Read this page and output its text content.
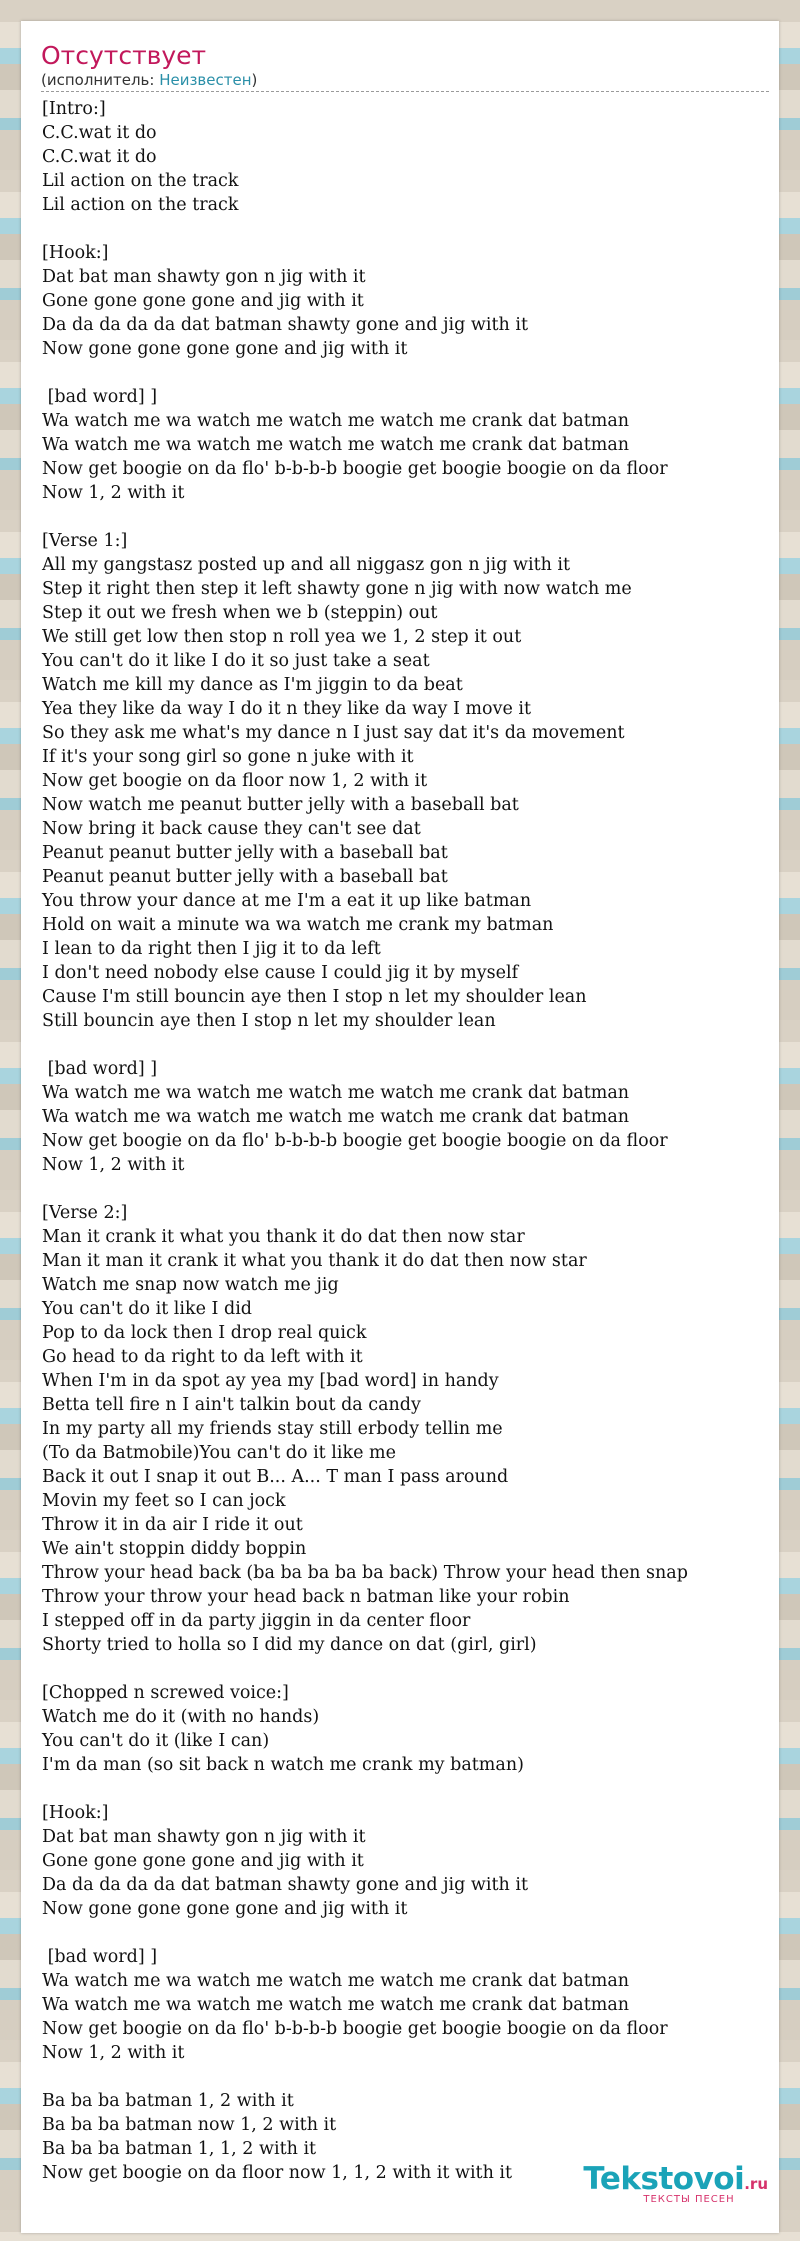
Отсутствует
(исполнитель: Неизвестен)
[Intro:]
C.C.wat it do
C.C.wat it do
Lil action on the track
Lil action on the track
[Hook:]
Dat bat man shawty gon n jig with it
Gone gone gone gone and jig with it
Da da da da da dat batman shawty gone and jig with it
Now gone gone gone gone and jig with it
[bad word] ]
Wa watch me wa watch me watch me watch me crank dat batman
Wa watch me wa watch me watch me watch me crank dat batman
Now get boogie on da flo' b-b-b-b boogie get boogie boogie on da floor
Now 1, 2 with it
[Verse 1:]
All my gangstasz posted up and all niggasz gon n jig with it
Step it right then step it left shawty gone n jig with now watch me
Step it out we fresh when we b (steppin) out
We still get low then stop n roll yea we 1, 2 step it out
You can't do it like I do it so just take a seat
Watch me kill my dance as I'm jiggin to da beat
Yea they like da way I do it n they like da way I move it
So they ask me what's my dance n I just say dat it's da movement
If it's your song girl so gone n juke with it
Now get boogie on da floor now 1, 2 with it
Now watch me peanut butter jelly with a baseball bat
Now bring it back cause they can't see dat
Peanut peanut butter jelly with a baseball bat
Peanut peanut butter jelly with a baseball bat
You throw your dance at me I'm a eat it up like batman
Hold on wait a minute wa wa watch me crank my batman
I lean to da right then I jig it to da left
I don't need nobody else cause I could jig it by myself
Cause I'm still bouncin aye then I stop n let my shoulder lean
Still bouncin aye then I stop n let my shoulder lean
[bad word] ]
Wa watch me wa watch me watch me watch me crank dat batman
Wa watch me wa watch me watch me watch me crank dat batman
Now get boogie on da flo' b-b-b-b boogie get boogie boogie on da floor
Now 1, 2 with it
[Verse 2:]
Man it crank it what you thank it do dat then now star
Man it man it crank it what you thank it do dat then now star
Watch me snap now watch me jig
You can't do it like I did
Pop to da lock then I drop real quick
Go head to da right to da left with it
When I'm in da spot ay yea my [bad word] in handy
Betta tell fire n I ain't talkin bout da candy
In my party all my friends stay still erbody tellin me
(To da Batmobile)You can't do it like me
Back it out I snap it out B... A... T man I pass around
Movin my feet so I can jock
Throw it in da air I ride it out
We ain't stoppin diddy boppin
Throw your head back (ba ba ba ba ba back) Throw your head then snap
Throw your throw your head back n batman like your robin
I stepped off in da party jiggin in da center floor
Shorty tried to holla so I did my dance on dat (girl, girl)
[Chopped n screwed voice:]
Watch me do it (with no hands)
You can't do it (like I can)
I'm da man (so sit back n watch me crank my batman)
[Hook:]
Dat bat man shawty gon n jig with it
Gone gone gone gone and jig with it
Da da da da da dat batman shawty gone and jig with it
Now gone gone gone gone and jig with it
[bad word] ]
Wa watch me wa watch me watch me watch me crank dat batman
Wa watch me wa watch me watch me watch me crank dat batman
Now get boogie on da flo' b-b-b-b boogie get boogie boogie on da floor
Now 1, 2 with it
Ba ba ba batman 1, 2 with it
Ba ba ba batman now 1, 2 with it
Ba ba ba batman 1, 1, 2 with it
Now get boogie on da floor now 1, 1, 2 with it with it	Tekstovoi.ru
ТЕКСТЫ ПЕСЕН
